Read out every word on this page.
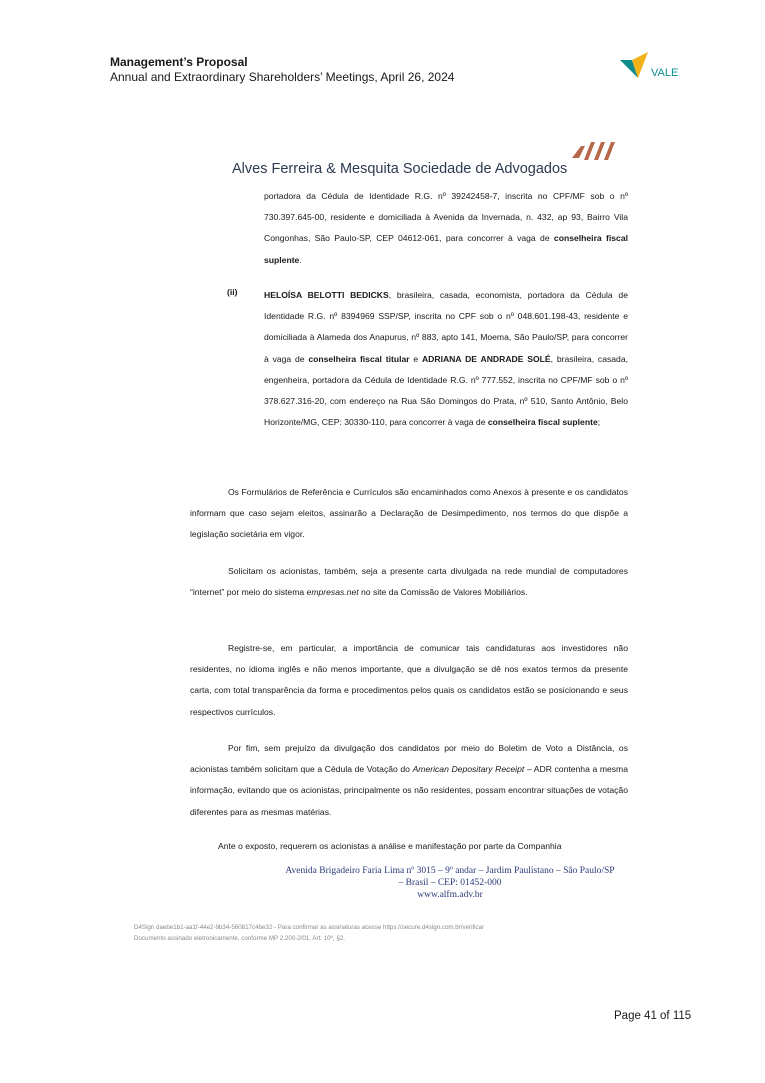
Management’s Proposal
Annual and Extraordinary Shareholders’ Meetings, April 26, 2024	VALE
Alves Ferreira & Mesquita Sociedade de Advogados

portadora da Cédula de Identidade R.G. nº 39242458-7, inscrita no CPF/MF sob o nº 730.397.645-00, residente e domiciliada à Avenida da Invernada, n. 432, ap 93, Bairro Vila Congonhas, São Paulo-SP, CEP 04612-061, para concorrer à vaga de conselheira fiscal suplente.

(ii)	HELOÍSA BELOTTI BEDICKS, brasileira, casada, economista, portadora da Cédula de Identidade R.G. nº 8394969 SSP/SP, inscrita no CPF sob o nº 048.601.198-43, residente e domiciliada à Alameda dos Anapurus, nº 883, apto 141, Moema, São Paulo/SP, para concorrer à vaga de conselheira fiscal titular e ADRIANA DE ANDRADE SOLÉ, brasileira, casada, engenheira, portadora da Cédula de Identidade R.G. nº 777.552, inscrita no CPF/MF sob o nº 378.627.316-20, com endereço na Rua São Domingos do Prata, nº 510, Santo Antônio, Belo Horizonte/MG, CEP: 30330-110, para concorrer à vaga de conselheira fiscal suplente;

Os Formulários de Referência e Currículos são encaminhados como Anexos à presente e os candidatos informam que caso sejam eleitos, assinarão a Declaração de Desimpedimento, nos termos do que dispõe a legislação societária em vigor.

Solicitam os acionistas, também, seja a presente carta divulgada na rede mundial de computadores “internet” por meio do sistema empresas.net no site da Comissão de Valores Mobiliários.

Registre-se, em particular, a importância de comunicar tais candidaturas aos investidores não residentes, no idioma inglês e não menos importante, que a divulgação se dê nos exatos termos da presente carta, com total transparência da forma e procedimentos pelos quais os candidatos estão se posicionando e seus respectivos currículos.

Por fim, sem prejuízo da divulgação dos candidatos por meio do Boletim de Voto a Distância, os acionistas também solicitam que a Cédula de Votação do American Depositary Receipt – ADR contenha a mesma informação, evitando que os acionistas, principalmente os não residentes, possam encontrar situações de votação diferentes para as mesmas matérias.

Ante o exposto, requerem os acionistas a análise e manifestação por parte da Companhia

Avenida Brigadeiro Faria Lima nº 3015 – 9º andar – Jardim Paulistano – São Paulo/SP
– Brasil – CEP: 01452-000
www.alfm.adv.br
D4Sign daebe1b1-aa1f-44e2-9b34-560817c4be32 - Para confirmar as assinaturas acesse https://secure.d4sign.com.br/verificar
Documento assinado eletronicamente, conforme MP 2.200-2/01, Art. 10º, §2.
Page 41 of 115
